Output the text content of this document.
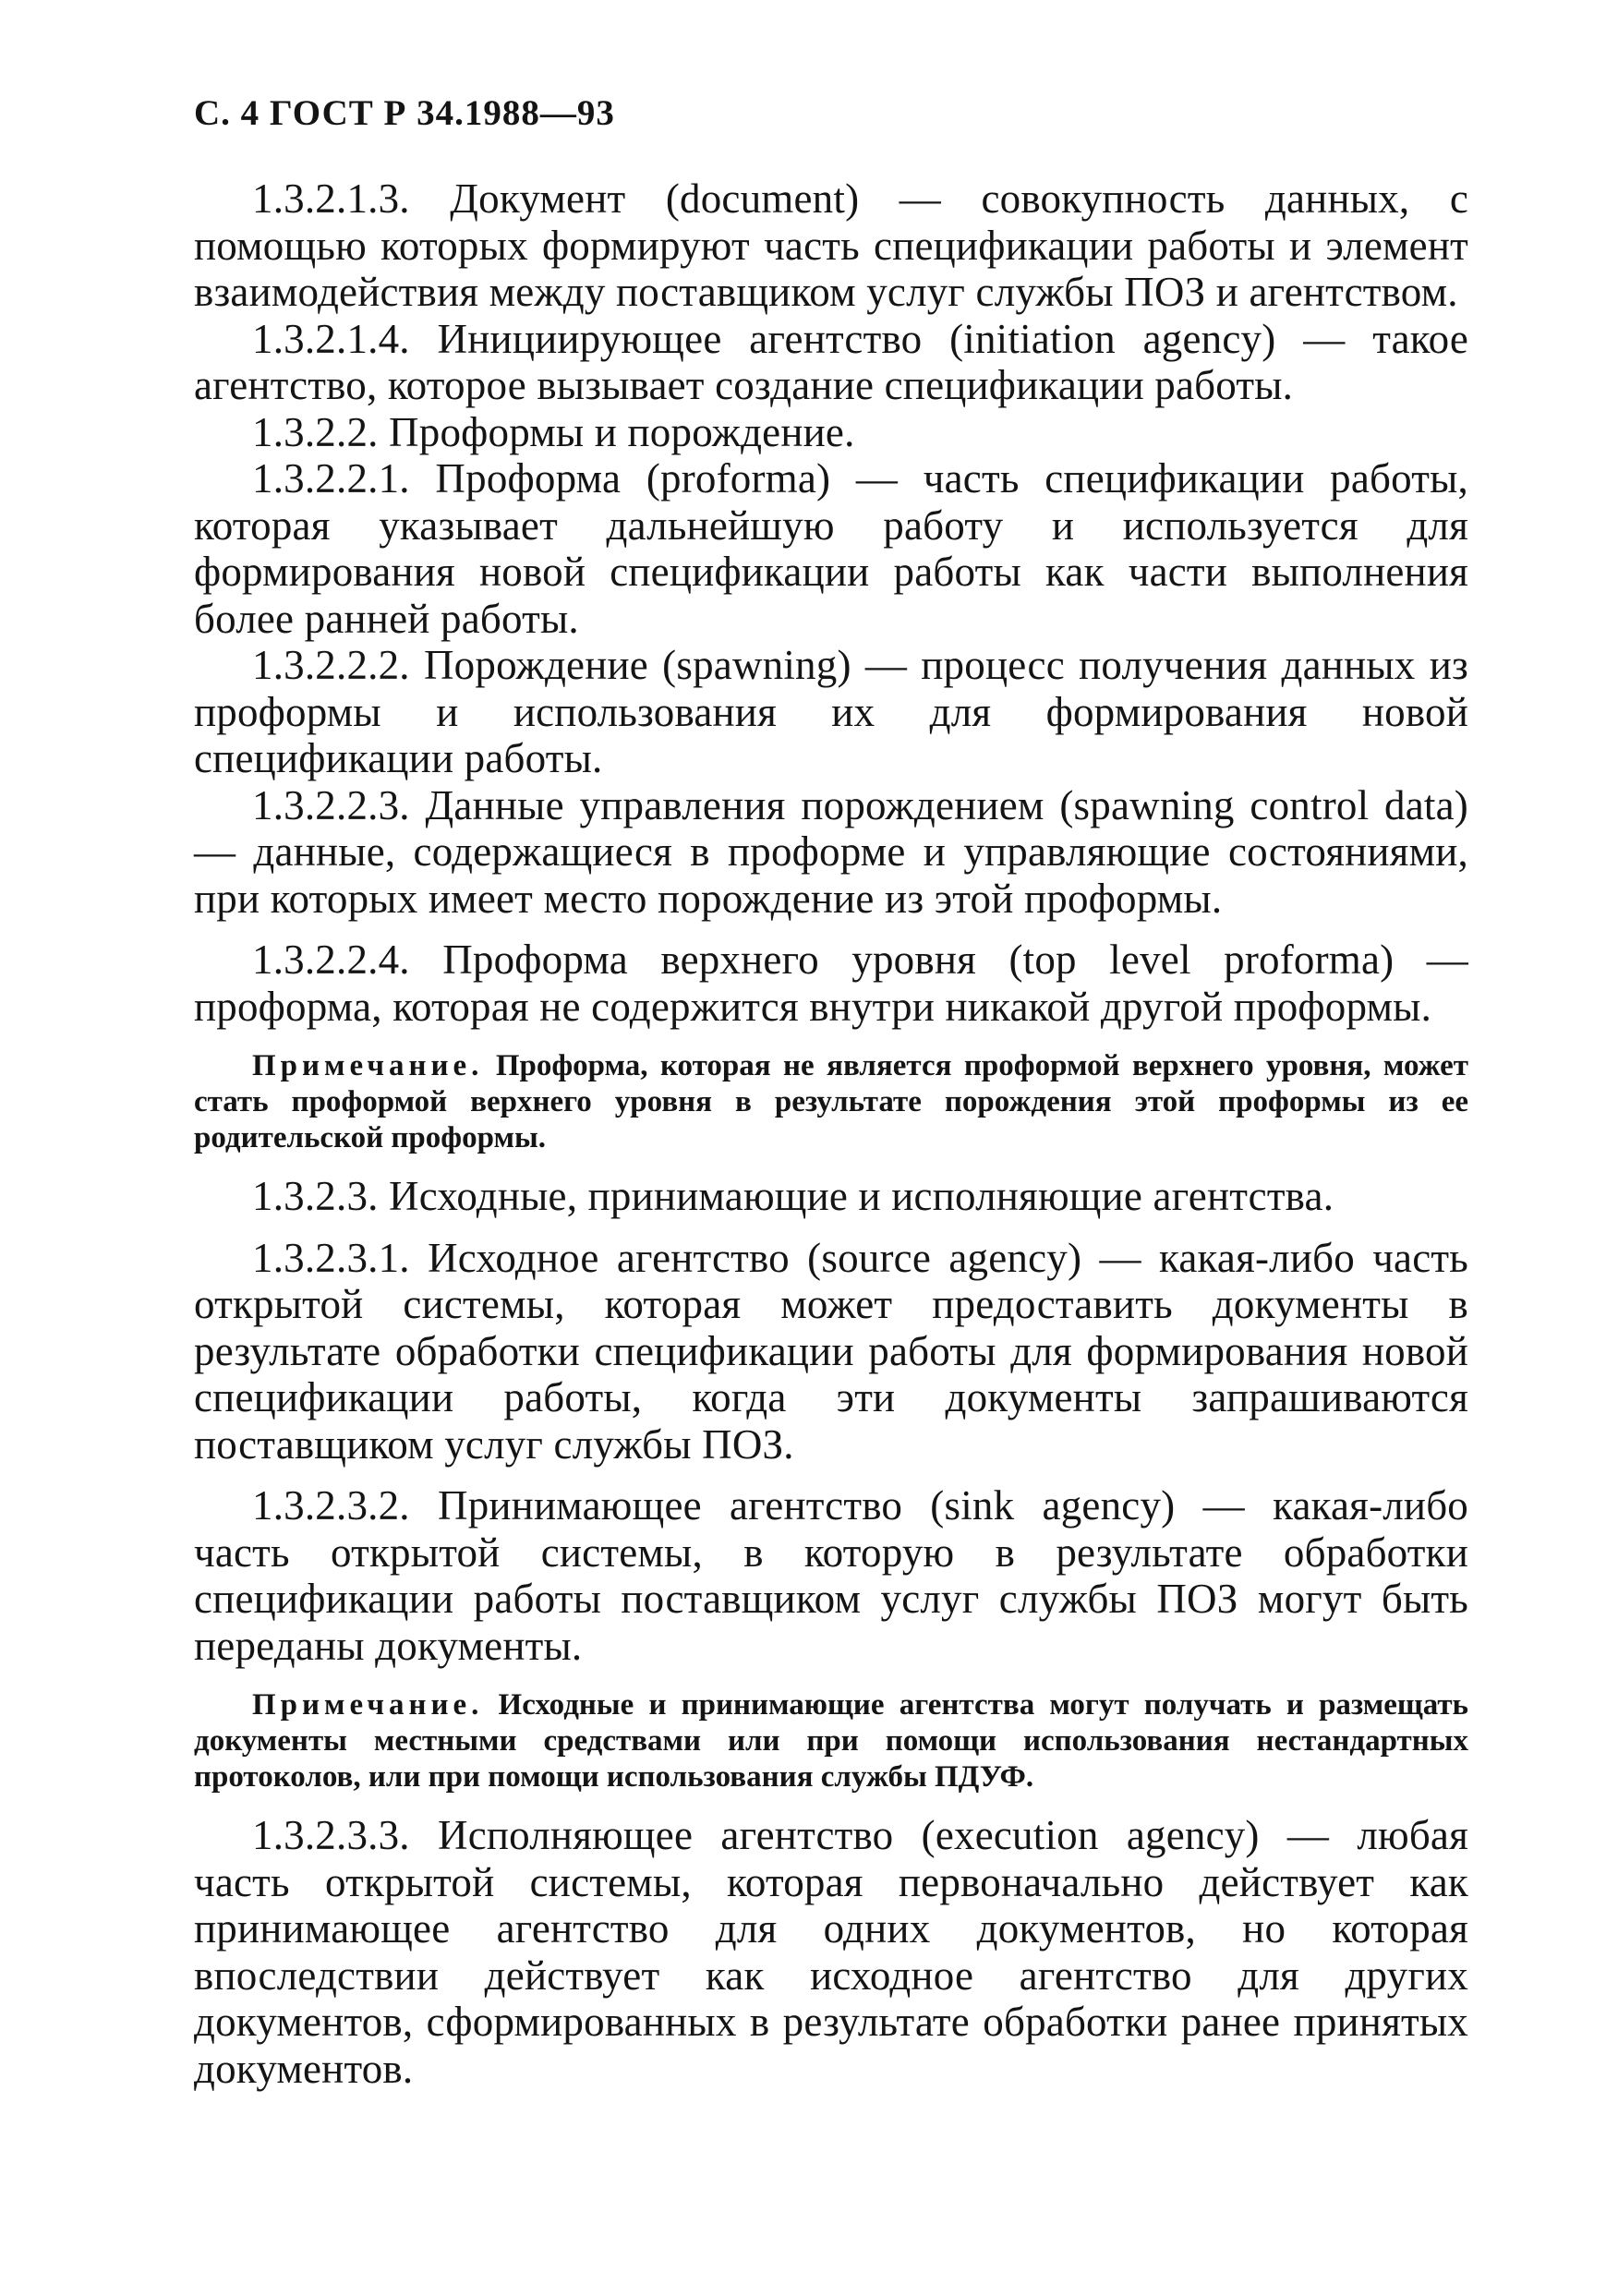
С. 4 ГОСТ Р 34.1988—93

1.3.2.1.3. Документ (document) — совокупность данных, с помощью которых формируют часть спецификации работы и элемент взаимодействия между поставщиком услуг службы ПОЗ и агентством.

1.3.2.1.4. Инициирующее агентство (initiation agency) — такое агентство, которое вызывает создание спецификации работы.

1.3.2.2. Проформы и порождение.

1.3.2.2.1. Проформа (proforma) — часть спецификации работы, которая указывает дальнейшую работу и используется для формирования новой спецификации работы как части выполнения более ранней работы.

1.3.2.2.2. Порождение (spawning) — процесс получения данных из проформы и использования их для формирования новой спецификации работы.

1.3.2.2.3. Данные управления порождением (spawning control data) — данные, содержащиеся в проформе и управляющие состояниями, при которых имеет место порождение из этой проформы.

1.3.2.2.4. Проформа верхнего уровня (top level proforma) — проформа, которая не содержится внутри никакой другой проформы.

Примечание. Проформа, которая не является проформой верхнего уровня, может стать проформой верхнего уровня в результате порождения этой проформы из ее родительской проформы.

1.3.2.3. Исходные, принимающие и исполняющие агентства.

1.3.2.3.1. Исходное агентство (source agency) — какая-либо часть открытой системы, которая может предоставить документы в результате обработки спецификации работы для формирования новой спецификации работы, когда эти документы запрашиваются поставщиком услуг службы ПОЗ.

1.3.2.3.2. Принимающее агентство (sink agency) — какая-либо часть открытой системы, в которую в результате обработки спецификации работы поставщиком услуг службы ПОЗ могут быть переданы документы.

Примечание. Исходные и принимающие агентства могут получать и размещать документы местными средствами или при помощи использования нестандартных протоколов, или при помощи использования службы ПДУФ.

1.3.2.3.3. Исполняющее агентство (execution agency) — любая часть открытой системы, которая первоначально действует как принимающее агентство для одних документов, но которая впоследствии действует как исходное агентство для других документов, сформированных в результате обработки ранее принятых документов.
